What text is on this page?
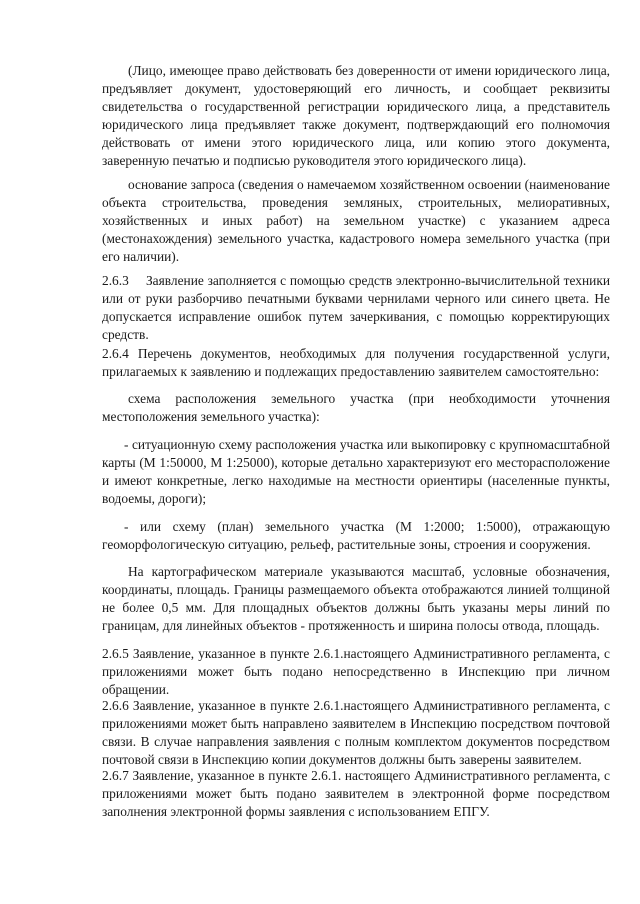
(Лицо, имеющее право действовать без доверенности от имени юридического лица, предъявляет документ, удостоверяющий его личность, и сообщает реквизиты свидетельства о государственной регистрации юридического лица, а представитель юридического лица предъявляет также документ, подтверждающий его полномочия действовать от имени этого юридического лица, или копию этого документа, заверенную печатью и подписью руководителя этого юридического лица).

основание запроса (сведения о намечаемом хозяйственном освоении (наименование объекта строительства, проведения земляных, строительных, мелиоративных, хозяйственных и иных работ) на земельном участке) с указанием адреса (местонахождения) земельного участка, кадастрового номера земельного участка (при его наличии).

2.6.3  Заявление заполняется с помощью средств электронно-вычислительной техники или от руки разборчиво печатными буквами чернилами черного или синего цвета. Не допускается исправление ошибок путем зачеркивания, с помощью корректирующих средств.

2.6.4 Перечень документов, необходимых для получения государственной услуги, прилагаемых к заявлению и подлежащих предоставлению заявителем самостоятельно:

схема расположения земельного участка (при необходимости уточнения местоположения земельного участка):

- ситуационную схему расположения участка или выкопировку с крупномасштабной карты (М 1:50000, М 1:25000), которые детально характеризуют его месторасположение и имеют конкретные, легко находимые на местности ориентиры (населенные пункты, водоемы, дороги);

- или схему (план) земельного участка (М 1:2000; 1:5000), отражающую геоморфологическую ситуацию, рельеф, растительные зоны, строения и сооружения.

На картографическом материале указываются масштаб, условные обозначения, координаты, площадь. Границы размещаемого объекта отображаются линией толщиной не более 0,5 мм. Для площадных объектов должны быть указаны меры линий по границам, для линейных объектов - протяженность и ширина полосы отвода, площадь.

2.6.5 Заявление, указанное в пункте 2.6.1.настоящего Административного регламента, с приложениями может быть подано непосредственно в Инспекцию при личном обращении.

2.6.6 Заявление, указанное в пункте 2.6.1.настоящего Административного регламента, с приложениями может быть направлено заявителем в Инспекцию посредством почтовой связи. В случае направления заявления с полным комплектом документов посредством почтовой связи в Инспекцию копии документов должны быть заверены заявителем.

2.6.7 Заявление, указанное в пункте 2.6.1. настоящего Административного регламента, с приложениями может быть подано заявителем в электронной форме посредством заполнения электронной формы заявления с использованием ЕПГУ.
